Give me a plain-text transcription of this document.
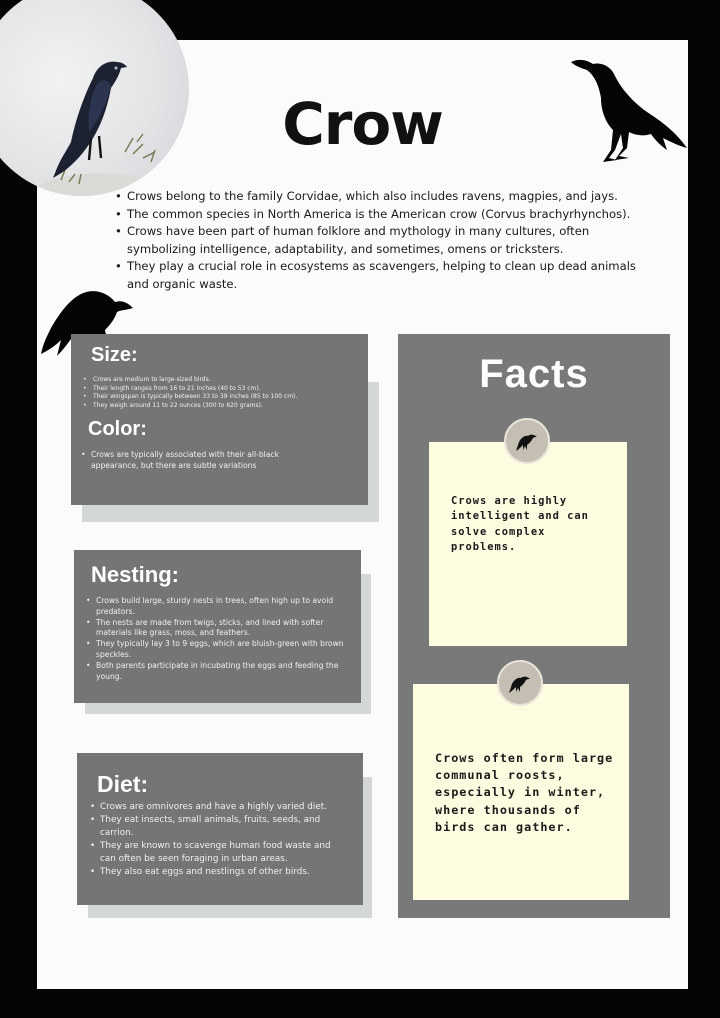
Crow
• Crows belong to the family Corvidae, which also includes ravens, magpies, and jays.
• The common species in North America is the American crow (Corvus brachyrhynchos).
• Crows have been part of human folklore and mythology in many cultures, often symbolizing intelligence, adaptability, and sometimes, omens or tricksters.
• They play a crucial role in ecosystems as scavengers, helping to clean up dead animals and organic waste.
Size:
• Crows are medium to large-sized birds.
• Their length ranges from 16 to 21 inches (40 to 53 cm).
• Their wingspan is typically between 33 to 39 inches (85 to 100 cm).
• They weigh around 11 to 22 ounces (300 to 620 grams).
Color:
• Crows are typically associated with their all-black appearance, but there are subtle variations
Nesting:
• Crows build large, sturdy nests in trees, often high up to avoid predators.
• The nests are made from twigs, sticks, and lined with softer materials like grass, moss, and feathers.
• They typically lay 3 to 9 eggs, which are bluish-green with brown speckles.
• Both parents participate in incubating the eggs and feeding the young.
Diet:
• Crows are omnivores and have a highly varied diet.
• They eat insects, small animals, fruits, seeds, and carrion.
• They are known to scavenge human food waste and can often be seen foraging in urban areas.
• They also eat eggs and nestlings of other birds.
Facts

Crows are highly intelligent and can solve complex problems.

Crows often form large communal roosts, especially in winter, where thousands of birds can gather.
